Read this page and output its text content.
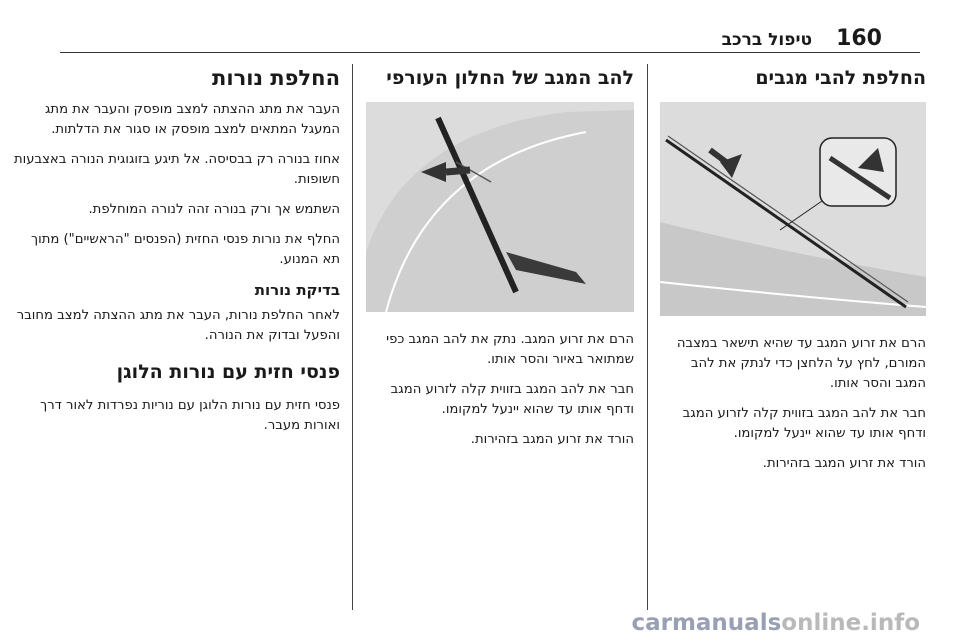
160
טיפול ברכב
החלפת להבי מגבים

הרם את זרוע המגב עד שהיא תישאר במצבה המורם, לחץ על הלחצן כדי לנתק את להב המגב והסר אותו.

חבר את להב המגב בזווית קלה לזרוע המגב ודחף אותו עד שהוא יינעל למקומו.

הורד את זרוע המגב בזהירות.

להב המגב של החלון העורפי

הרם את זרוע המגב. נתק את להב המגב כפי שמתואר באיור והסר אותו.

חבר את להב המגב בזווית קלה לזרוע המגב ודחף אותו עד שהוא יינעל למקומו.

הורד את זרוע המגב בזהירות.

החלפת נורות

העבר את מתג ההצתה למצב מופסק והעבר את מתג המעגל המתאים למצב מופסק או סגור את הדלתות.

אחוז בנורה רק בבסיסה. אל תיגע בזוגוגית הנורה באצבעות חשופות.

השתמש אך ורק בנורה זהה לנורה המוחלפת.

החלף את נורות פנסי החזית (הפנסים "הראשיים") מתוך תא המנוע.

בדיקת נורות

לאחר החלפת נורות, העבר את מתג ההצתה למצב מחובר והפעל ובדוק את הנורה.

פנסי חזית עם נורות הלוגן

פנסי חזית עם נורות הלוגן עם נוריות נפרדות לאור דרך ואורות מעבר.

carmanualsonline.info
